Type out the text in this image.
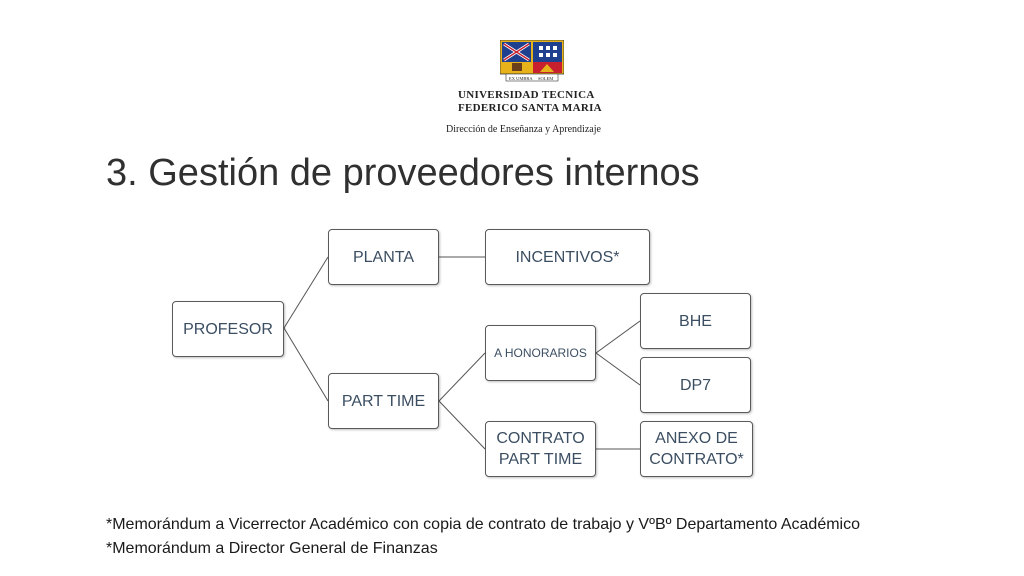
EX UMBRA SOLEM
UNIVERSIDAD TECNICA
FEDERICO SANTA MARIA
Dirección de Enseñanza y Aprendizaje
3. Gestión de proveedores internos
PROFESOR
PLANTA	INCENTIVOS*
PART TIME
A HONORARIOS
BHE
DP7
CONTRATO PART TIME
ANEXO DE CONTRATO*
*Memorándum a Vicerrector Académico con copia de contrato de trabajo y VºBº Departamento Académico
*Memorándum a Director General de Finanzas
